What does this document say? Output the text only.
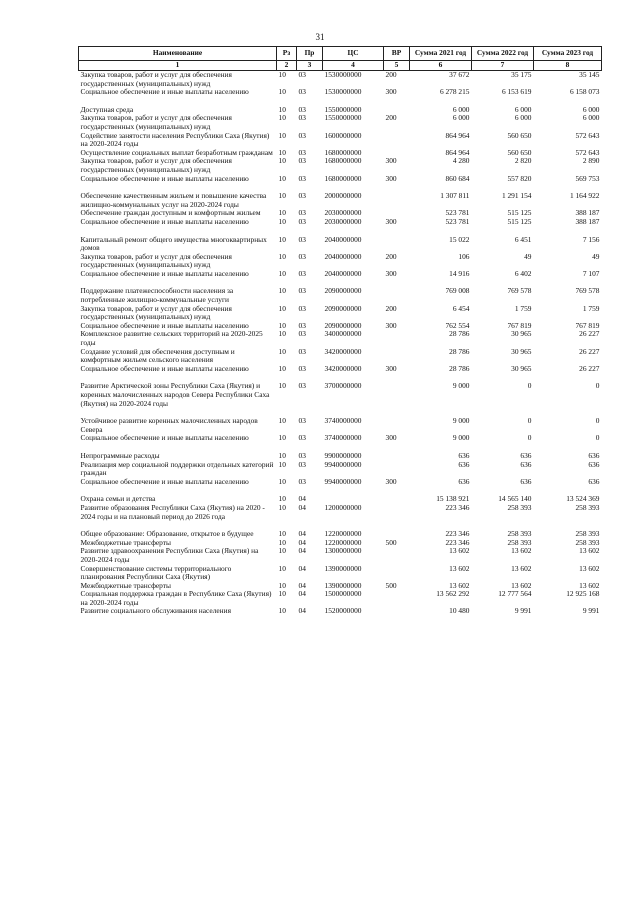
31
Наименование	Рз	Пр	ЦС	ВР	Сумма 2021 год	Сумма 2022 год	Сумма 2023 год
1	2	3	4	5	6	7	8
Закупка товаров, работ и услуг для обеспечения государственных (муниципальных) нужд	10	03	1530000000	200	37 672	35 175	35 145
Социальное обеспечение и иные выплаты населению	10	03	1530000000	300	6 278 215	6 153 619	6 158 073

Доступная среда	10	03	1550000000		6 000	6 000	6 000
Закупка товаров, работ и услуг для обеспечения государственных (муниципальных) нужд	10	03	1550000000	200	6 000	6 000	6 000
Содействие занятости населения Республики Саха (Якутия) на 2020-2024 годы	10	03	1600000000		864 964	560 650	572 643
Осуществление социальных выплат безработным гражданам	10	03	1680000000		864 964	560 650	572 643
Закупка товаров, работ и услуг для обеспечения государственных (муниципальных) нужд	10	03	1680000000	300	4 280	2 820	2 890
Социальное обеспечение и иные выплаты населению	10	03	1680000000	300	860 684	557 820	569 753

Обеспечение качественным жильем и повышение качества жилищно-коммунальных услуг на 2020-2024 годы	10	03	2000000000		1 307 811	1 291 154	1 164 922
Обеспечение граждан доступным и комфортным жильем	10	03	2030000000		523 781	515 125	388 187
Социальное обеспечение и иные выплаты населению	10	03	2030000000	300	523 781	515 125	388 187

Капитальный ремонт общего имущества многоквартирных домов	10	03	2040000000		15 022	6 451	7 156
Закупка товаров, работ и услуг для обеспечения государственных (муниципальных) нужд	10	03	2040000000	200	106	49	49
Социальное обеспечение и иные выплаты населению	10	03	2040000000	300	14 916	6 402	7 107

Поддержание платежеспособности населения за потребленные жилищно-коммунальные услуги	10	03	2090000000		769 008	769 578	769 578
Закупка товаров, работ и услуг для обеспечения государственных (муниципальных) нужд	10	03	2090000000	200	6 454	1 759	1 759
Социальное обеспечение и иные выплаты населению	10	03	2090000000	300	762 554	767 819	767 819
Комплексное развитие сельских территорий на 2020-2025 годы	10	03	3400000000		28 786	30 965	26 227
Создание условий для обеспечения доступным и комфортным жильем сельского населения	10	03	3420000000		28 786	30 965	26 227
Социальное обеспечение и иные выплаты населению	10	03	3420000000	300	28 786	30 965	26 227

Развитие Арктической зоны Республики Саха (Якутия) и коренных малочисленных народов Севера Республики Саха (Якутия) на 2020-2024 годы	10	03	3700000000		9 000	0	0

Устойчивое развитие коренных малочисленных народов Севера	10	03	3740000000		9 000	0	0
Социальное обеспечение и иные выплаты населению	10	03	3740000000	300	9 000	0	0

Непрограммные расходы	10	03	9900000000		636	636	636
Реализация мер социальной поддержки отдельных категорий граждан	10	03	9940000000		636	636	636
Социальное обеспечение и иные выплаты населению	10	03	9940000000	300	636	636	636

Охрана семьи и детства	10	04			15 138 921	14 565 140	13 524 369
Развитие образования Республики Саха (Якутия) на 2020 - 2024 годы и на плановый период до 2026 года	10	04	1200000000		223 346	258 393	258 393

Общее образование: Образование, открытое в будущее	10	04	1220000000		223 346	258 393	258 393
Межбюджетные трансферты	10	04	1220000000	500	223 346	258 393	258 393
Развитие здравоохранения Республики Саха (Якутия) на 2020-2024 годы	10	04	1300000000		13 602	13 602	13 602
Совершенствование системы территориального планирования Республики Саха (Якутия)	10	04	1390000000		13 602	13 602	13 602
Межбюджетные трансферты	10	04	1390000000	500	13 602	13 602	13 602
Социальная поддержка граждан в Республике Саха (Якутия) на 2020-2024 годы	10	04	1500000000		13 562 292	12 777 564	12 925 168
Развитие социального обслуживания населения	10	04	1520000000		10 480	9 991	9 991
